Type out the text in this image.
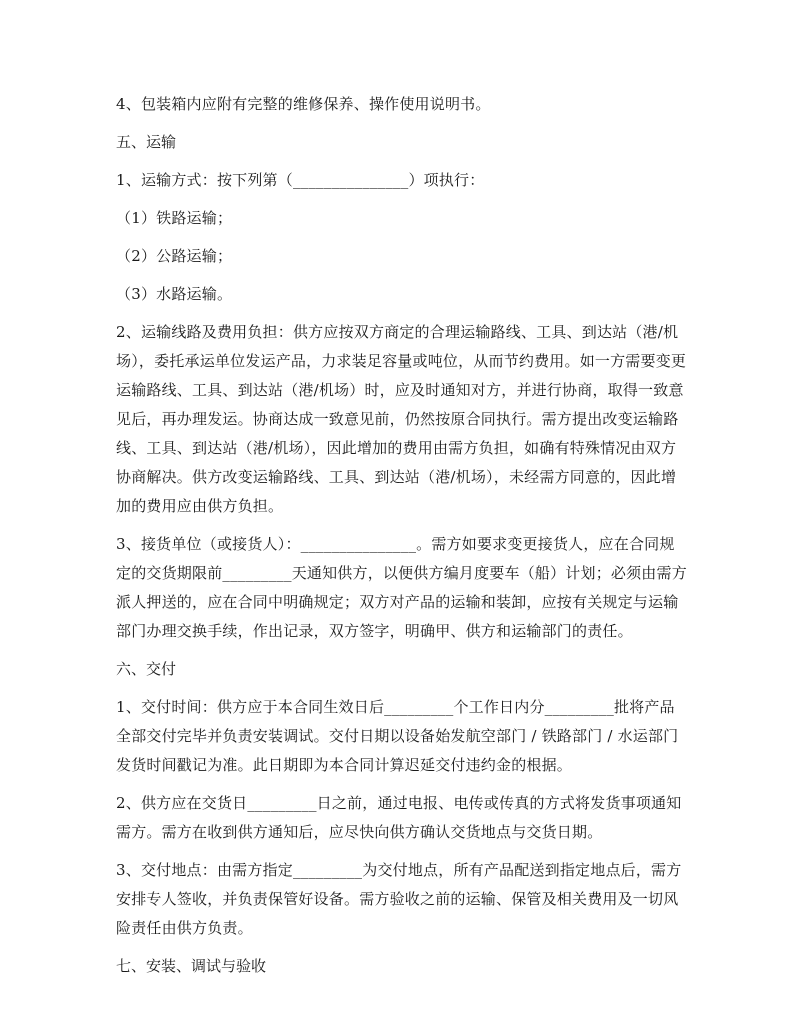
4、包装箱内应附有完整的维修保养、操作使用说明书。

五、运输

1、运输方式：按下列第（_______________）项执行：

（1）铁路运输；

（2）公路运输；

（3）水路运输。

2、运输线路及费用负担：供方应按双方商定的合理运输路线、工具、到达站（港/机场），委托承运单位发运产品，力求装足容量或吨位，从而节约费用。如一方需要变更运输路线、工具、到达站（港/机场）时，应及时通知对方，并进行协商，取得一致意见后，再办理发运。协商达成一致意见前，仍然按原合同执行。需方提出改变运输路线、工具、到达站（港/机场），因此增加的费用由需方负担，如确有特殊情况由双方协商解决。供方改变运输路线、工具、到达站（港/机场），未经需方同意的，因此增加的费用应由供方负担。

3、接货单位（或接货人）：_______________。需方如要求变更接货人，应在合同规定的交货期限前_________天通知供方，以便供方编月度要车（船）计划；必须由需方派人押送的，应在合同中明确规定；双方对产品的运输和装卸，应按有关规定与运输部门办理交换手续，作出记录，双方签字，明确甲、供方和运输部门的责任。

六、交付

1、交付时间：供方应于本合同生效日后_________个工作日内分_________批将产品全部交付完毕并负责安装调试。交付日期以设备始发航空部门 / 铁路部门 / 水运部门发货时间戳记为准。此日期即为本合同计算迟延交付违约金的根据。

2、供方应在交货日_________日之前，通过电报、电传或传真的方式将发货事项通知需方。需方在收到供方通知后，应尽快向供方确认交货地点与交货日期。

3、交付地点：由需方指定_________为交付地点，所有产品配送到指定地点后，需方安排专人签收，并负责保管好设备。需方验收之前的运输、保管及相关费用及一切风险责任由供方负责。

七、安装、调试与验收
